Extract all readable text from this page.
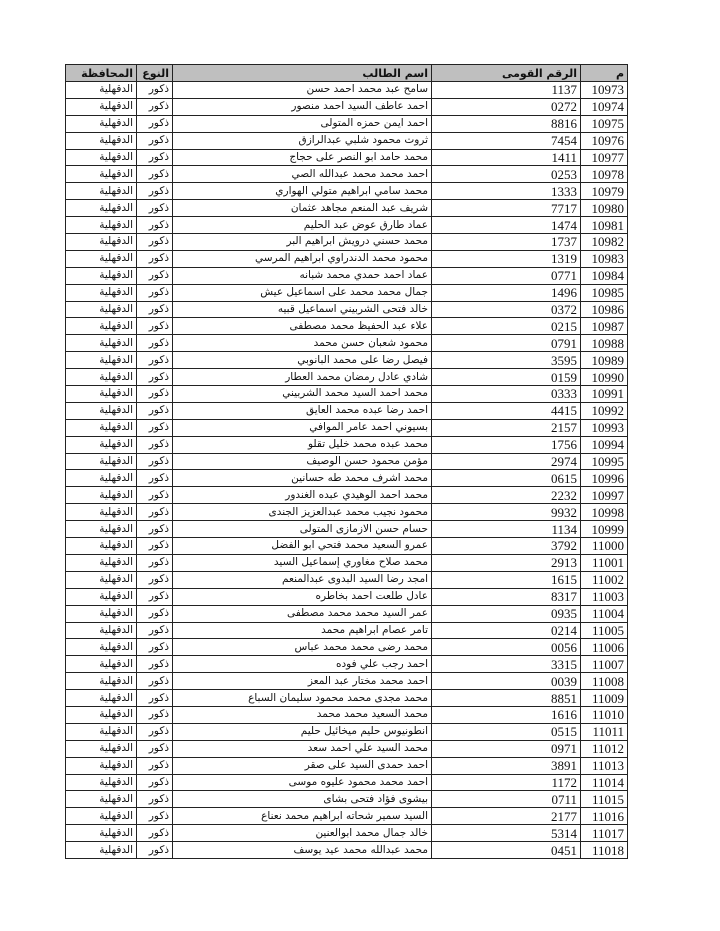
المحافظة	النوع	اسم الطالب	الرقم القومى	م
الدقهلية	ذكور	سامح عبد محمد احمد حسن	1137	10973
الدقهلية	ذكور	احمد عاطف السيد احمد منصور	0272	10974
الدقهلية	ذكور	احمد ايمن حمزه المتولى	8816	10975
الدقهلية	ذكور	ثروت محمود شلبي عبدالرازق	7454	10976
الدقهلية	ذكور	محمد حامد ابو النصر على حجاج	1411	10977
الدقهلية	ذكور	احمد محمد محمد عبدالله الصي	0253	10978
الدقهلية	ذكور	محمد سامي ابراهيم متولي الهواري	1333	10979
الدقهلية	ذكور	شريف عبد المنعم مجاهد عثمان	7717	10980
الدقهلية	ذكور	عماد طارق عوض عبد الحليم	1474	10981
الدقهلية	ذكور	محمد حسني درويش ابراهيم البر	1737	10982
الدقهلية	ذكور	محمود محمد الدندراوي ابراهيم المرسي	1319	10983
الدقهلية	ذكور	عماد احمد حمدي محمد شبانه	0771	10984
الدقهلية	ذكور	جمال محمد محمد على اسماعيل عيش	1496	10985
الدقهلية	ذكور	خالد فتحى الشربيني اسماعيل قبيه	0372	10986
الدقهلية	ذكور	علاء عبد الحفيظ محمد مصطفى	0215	10987
الدقهلية	ذكور	محمود شعبان حسن محمد	0791	10988
الدقهلية	ذكور	فيصل رضا على محمد البانوبي	3595	10989
الدقهلية	ذكور	شادي عادل رمضان محمد العطار	0159	10990
الدقهلية	ذكور	محمد احمد السيد محمد الشربيني	0333	10991
الدقهلية	ذكور	احمد رضا عبده محمد العايق	4415	10992
الدقهلية	ذكور	بسيوني احمد عامر الموافي	2157	10993
الدقهلية	ذكور	محمد عبده محمد خليل تقلو	1756	10994
الدقهلية	ذكور	مؤمن محمود حسن الوصيف	2974	10995
الدقهلية	ذكور	محمد اشرف محمد طه حسانين	0615	10996
الدقهلية	ذكور	محمد احمد الوهيدي عبده الغندور	2232	10997
الدقهلية	ذكور	محمود نجيب محمد عبدالعزيز الجندى	9932	10998
الدقهلية	ذكور	حسام حسن الازمازى المتولى	1134	10999
الدقهلية	ذكور	عمرو السعيد محمد فتحي ابو الفضل	3792	11000
الدقهلية	ذكور	محمد صلاح مغاوري إسماعيل السيد	2913	11001
الدقهلية	ذكور	امجد رضا السيد البدوى عبدالمنعم	1615	11002
الدقهلية	ذكور	عادل طلعت احمد بخاطره	8317	11003
الدقهلية	ذكور	عمر السيد محمد محمد مصطفى	0935	11004
الدقهلية	ذكور	تامر عصام ابراهيم محمد	0214	11005
الدقهلية	ذكور	محمد رضى محمد محمد عباس	0056	11006
الدقهلية	ذكور	احمد رجب علي فوده	3315	11007
الدقهلية	ذكور	احمد محمد مختار عبد المعز	0039	11008
الدقهلية	ذكور	محمد مجدى محمد محمود سليمان السباع	8851	11009
الدقهلية	ذكور	محمد السعيد محمد محمد	1616	11010
الدقهلية	ذكور	انطونيوس حليم ميخائيل حليم	0515	11011
الدقهلية	ذكور	محمد السيد علي احمد سعد	0971	11012
الدقهلية	ذكور	احمد حمدى السيد على صقر	3891	11013
الدقهلية	ذكور	احمد محمد محمود عليوه موسى	1172	11014
الدقهلية	ذكور	بيشوى فؤاد فتحى بشاى	0711	11015
الدقهلية	ذكور	السيد سمير شحاته ابراهيم محمد نعناع	2177	11016
الدقهلية	ذكور	خالد جمال محمد ابوالعنين	5314	11017
الدقهلية	ذكور	محمد عبدالله محمد عيد يوسف	0451	11018
